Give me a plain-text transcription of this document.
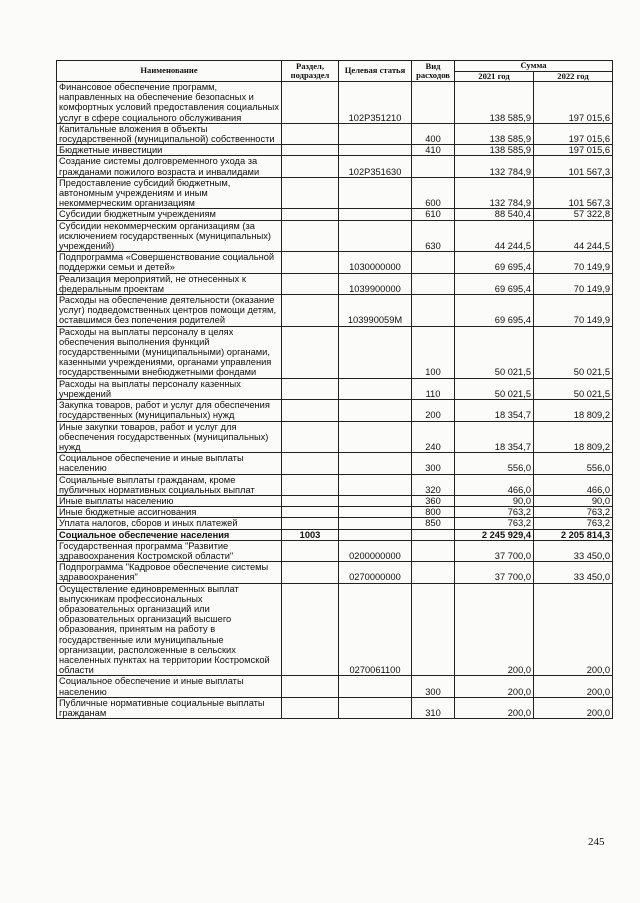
Наименование	Раздел, подраздел	Целевая статья	Вид расходов	Сумма	
				2021 год	2022 год
Финансовое обеспечение программ, направленных на обеспечение безопасных и комфортных условий предоставления социальных услуг в сфере социального обслуживания		102P351210		138 585,9	197 015,6
Капитальные вложения в объекты государственной (муниципальной) собственности			400	138 585,9	197 015,6
Бюджетные инвестиции			410	138 585,9	197 015,6
Создание системы долговременного ухода за гражданами пожилого возраста и инвалидами		102P351630		132 784,9	101 567,3
Предоставление субсидий бюджетным, автономным учреждениям и иным некоммерческим организациям			600	132 784,9	101 567,3
Субсидии бюджетным учреждениям			610	88 540,4	57 322,8
Субсидии некоммерческим организациям (за исключением государственных (муниципальных) учреждений)			630	44 244,5	44 244,5
Подпрограмма «Совершенствование социальной поддержки семьи и детей»		1030000000		69 695,4	70 149,9
Реализация мероприятий, не отнесенных к федеральным проектам		1039900000		69 695,4	70 149,9
Расходы на обеспечение деятельности (оказание услуг) подведомственных центров помощи детям, оставшимся без попечения родителей		103990059М		69 695,4	70 149,9
Расходы на выплаты персоналу в целях обеспечения выполнения функций государственными (муниципальными) органами, казенными учреждениями, органами управления государственными внебюджетными фондами			100	50 021,5	50 021,5
Расходы на выплаты персоналу казенных учреждений			110	50 021,5	50 021,5
Закупка товаров, работ и услуг для обеспечения государственных (муниципальных) нужд			200	18 354,7	18 809,2
Иные закупки товаров, работ и услуг для обеспечения государственных (муниципальных) нужд			240	18 354,7	18 809,2
Социальное обеспечение и иные выплаты населению			300	556,0	556,0
Социальные выплаты гражданам, кроме публичных нормативных социальных выплат			320	466,0	466,0
Иные выплаты населению			360	90,0	90,0
Иные бюджетные ассигнования			800	763,2	763,2
Уплата налогов, сборов и иных платежей			850	763,2	763,2
Социальное обеспечение населения	1003			2 245 929,4	2 205 814,3
Государственная программа "Развитие здравоохранения Костромской области"		0200000000		37 700,0	33 450,0
Подпрограмма "Кадровое обеспечение системы здравоохранения"		0270000000		37 700,0	33 450,0
Осуществление единовременных выплат выпускникам профессиональных образовательных организаций или образовательных организаций высшего образования, принятым на работу в государственные или муниципальные организации, расположенные в сельских населенных пунктах на территории Костромской области		0270061100		200,0	200,0
Социальное обеспечение и иные выплаты населению			300	200,0	200,0
Публичные нормативные социальные выплаты гражданам			310	200,0	200,0
245
